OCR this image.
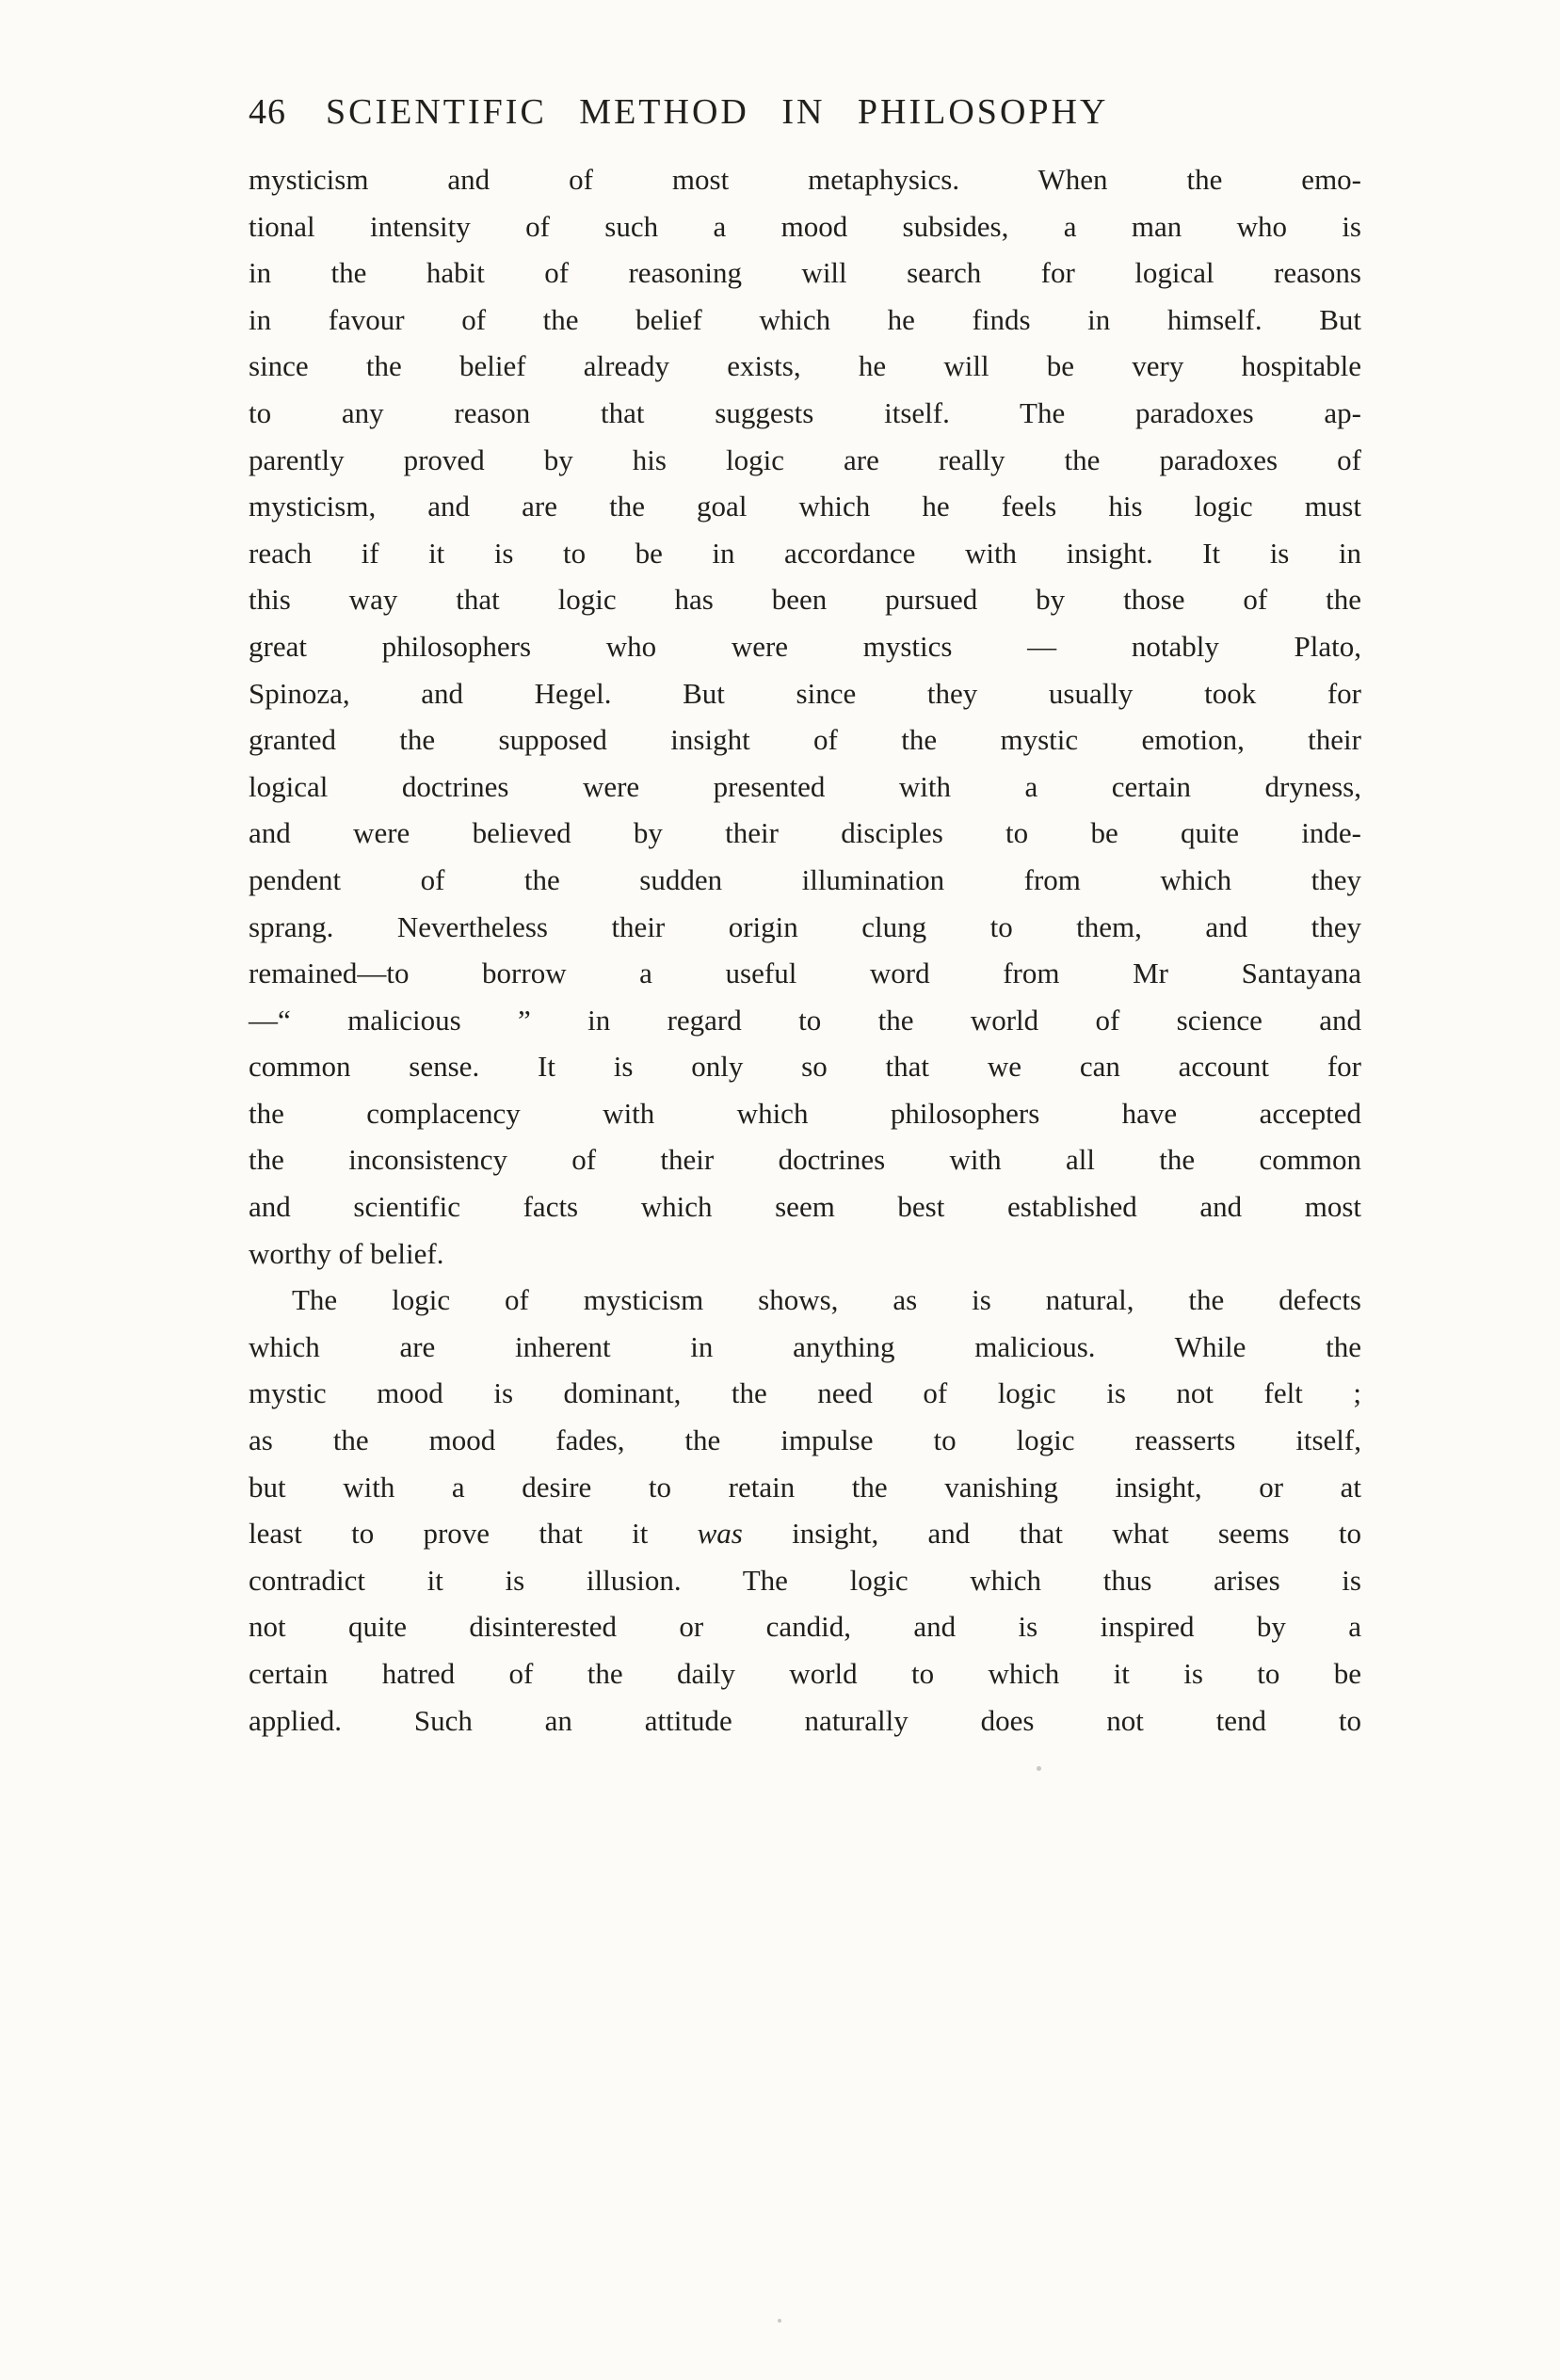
46 SCIENTIFIC METHOD IN PHILOSOPHY
mysticism and of most metaphysics. When the emo-
tional intensity of such a mood subsides, a man who is
in the habit of reasoning will search for logical reasons
in favour of the belief which he finds in himself. But
since the belief already exists, he will be very hospitable
to any reason that suggests itself. The paradoxes ap-
parently proved by his logic are really the paradoxes of
mysticism, and are the goal which he feels his logic must
reach if it is to be in accordance with insight. It is in
this way that logic has been pursued by those of the
great philosophers who were mystics — notably Plato,
Spinoza, and Hegel. But since they usually took for
granted the supposed insight of the mystic emotion, their
logical doctrines were presented with a certain dryness,
and were believed by their disciples to be quite inde-
pendent of the sudden illumination from which they
sprang. Nevertheless their origin clung to them, and they
remained—to borrow a useful word from Mr Santayana
—“ malicious ” in regard to the world of science and
common sense. It is only so that we can account for
the complacency with which philosophers have accepted
the inconsistency of their doctrines with all the common
and scientific facts which seem best established and most
worthy of belief.
The logic of mysticism shows, as is natural, the defects
which are inherent in anything malicious. While the
mystic mood is dominant, the need of logic is not felt ;
as the mood fades, the impulse to logic reasserts itself,
but with a desire to retain the vanishing insight, or at
least to prove that it was insight, and that what seems to
contradict it is illusion. The logic which thus arises is
not quite disinterested or candid, and is inspired by a
certain hatred of the daily world to which it is to be
applied. Such an attitude naturally does not tend to
